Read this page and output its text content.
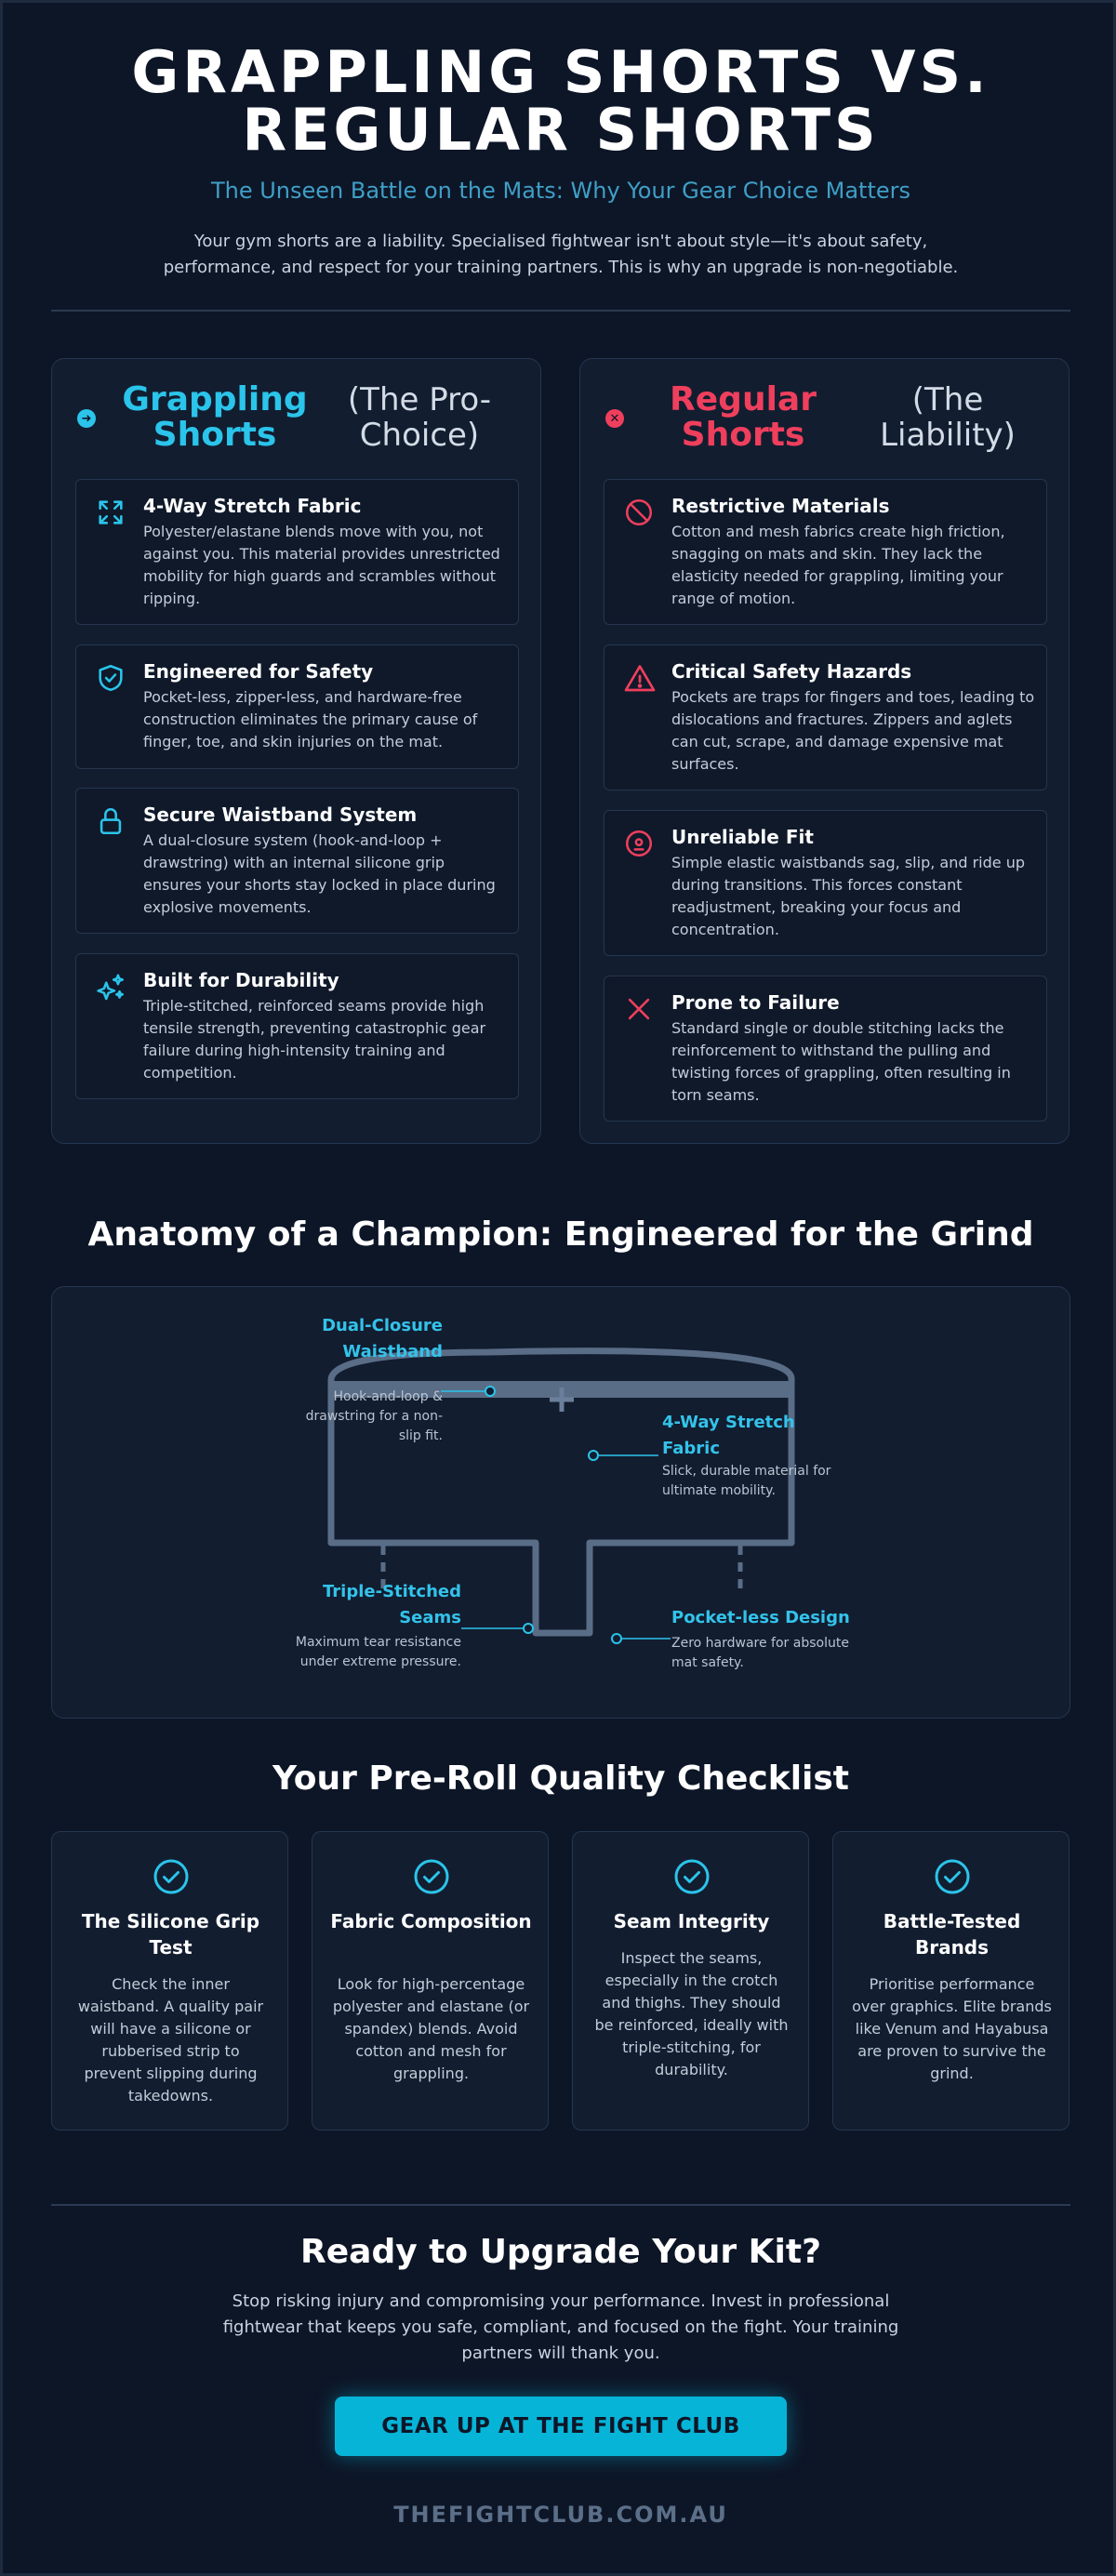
GRAPPLING SHORTS VS.
REGULAR SHORTS
The Unseen Battle on the Mats: Why Your Gear Choice Matters
Your gym shorts are a liability. Specialised fightwear isn't about style—it's about safety, performance, and respect for your training partners. This is why an upgrade is non-negotiable.
➜ Grappling Shorts
(The Pro-Choice)
4-Way Stretch Fabric
Polyester/elastane blends move with you, not against you. This material provides unrestricted mobility for high guards and scrambles without ripping.
Engineered for Safety
Pocket-less, zipper-less, and hardware-free construction eliminates the primary cause of finger, toe, and skin injuries on the mat.
Secure Waistband System
A dual-closure system (hook-and-loop + drawstring) with an internal silicone grip ensures your shorts stay locked in place during explosive movements.
Built for Durability
Triple-stitched, reinforced seams provide high tensile strength, preventing catastrophic gear failure during high-intensity training and competition.
✕	Regular Shorts
(The Liability)
Restrictive Materials
Cotton and mesh fabrics create high friction, snagging on mats and skin. They lack the elasticity needed for grappling, limiting your range of motion.
Critical Safety Hazards
Pockets are traps for fingers and toes, leading to dislocations and fractures. Zippers and aglets can cut, scrape, and damage expensive mat surfaces.
Unreliable Fit
Simple elastic waistbands sag, slip, and ride up during transitions. This forces constant readjustment, breaking your focus and concentration.
Prone to Failure
Standard single or double stitching lacks the reinforcement to withstand the pulling and twisting forces of grappling, often resulting in torn seams.
Anatomy of a Champion: Engineered for the Grind
Dual-Closure Waistband
Hook-and-loop & drawstring for a non-slip fit.
4-Way Stretch Fabric
Slick, durable material for ultimate mobility.
Triple-Stitched Seams
Maximum tear resistance under extreme pressure.
Pocket-less Design
Zero hardware for absolute mat safety.
Your Pre-Roll Quality Checklist
The Silicone Grip Test
Check the inner waistband. A quality pair will have a silicone or rubberised strip to prevent slipping during takedowns.
Fabric Composition
Look for high-percentage polyester and elastane (or spandex) blends. Avoid cotton and mesh for grappling.
Seam Integrity
Inspect the seams, especially in the crotch and thighs. They should be reinforced, ideally with triple-stitching, for durability.
Battle-Tested Brands
Prioritise performance over graphics. Elite brands like Venum and Hayabusa are proven to survive the grind.
Ready to Upgrade Your Kit?
Stop risking injury and compromising your performance. Invest in professional fightwear that keeps you safe, compliant, and focused on the fight. Your training partners will thank you.
GEAR UP AT THE FIGHT CLUB
THEFIGHTCLUB.COM.AU
